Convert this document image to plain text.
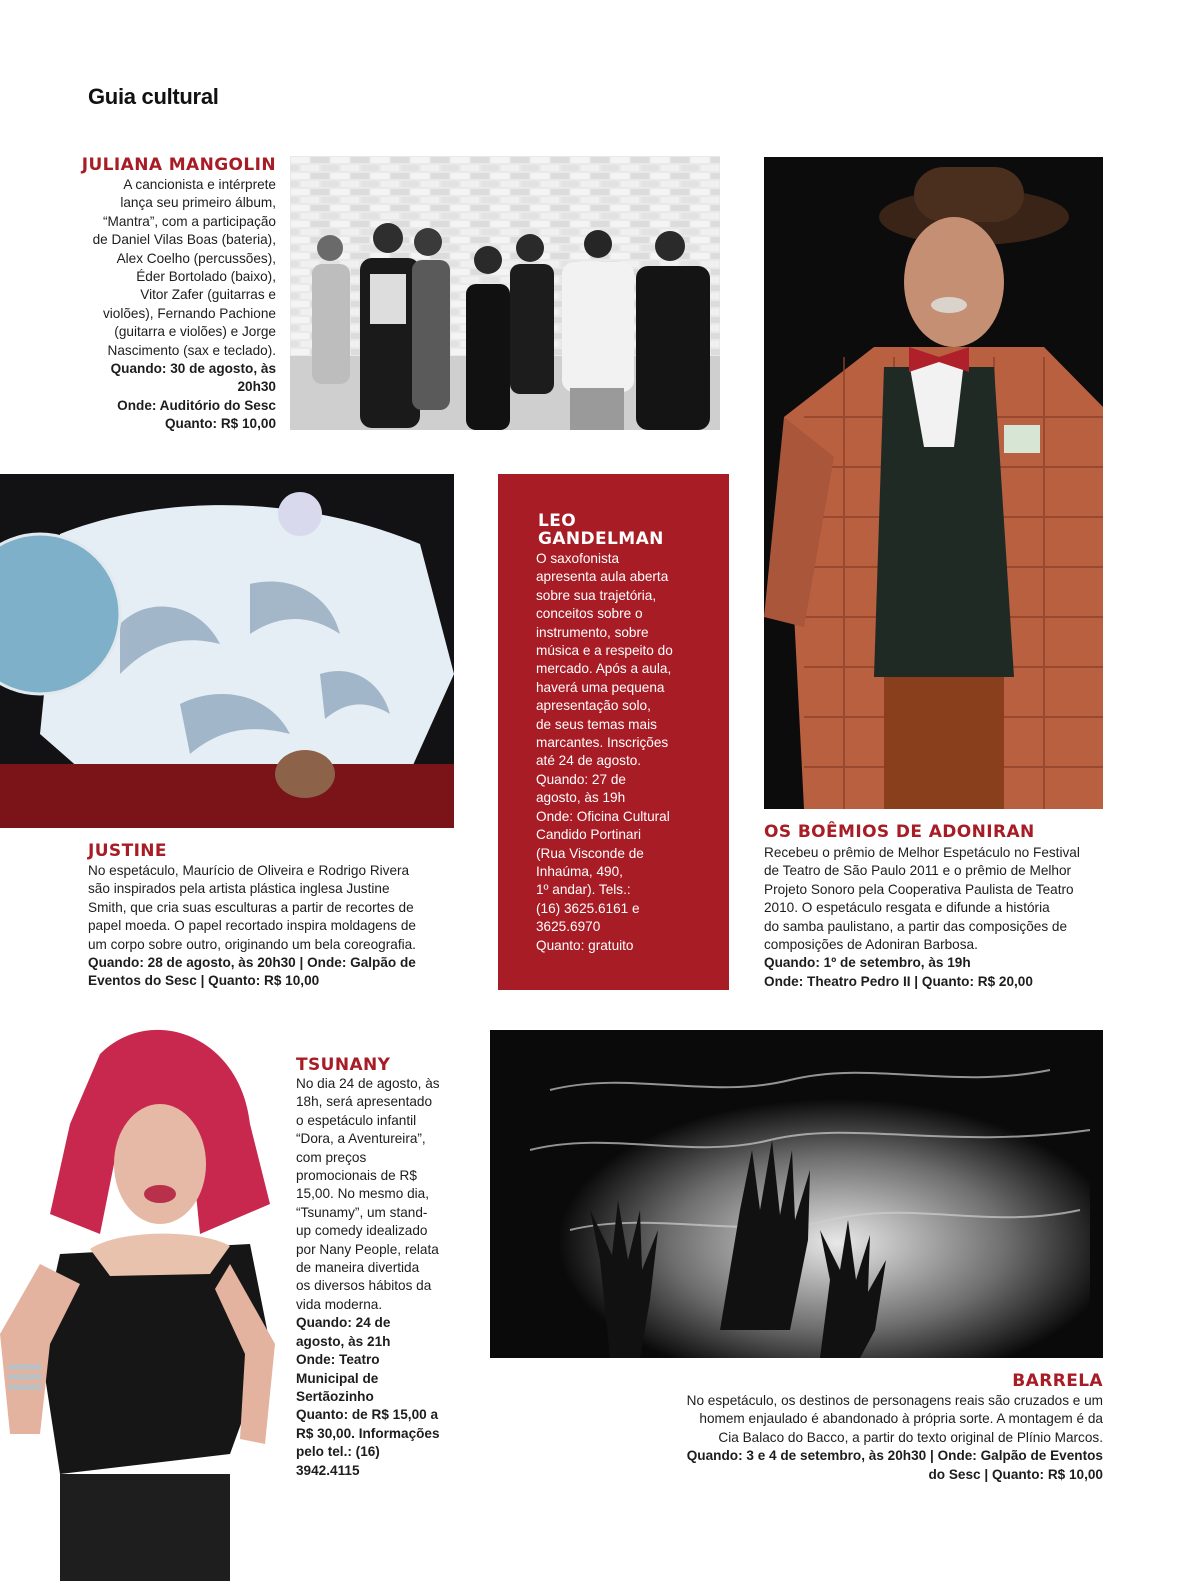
Guia cultural
JULIANA MANGOLIN
A cancionista e intérprete
lança seu primeiro álbum,
“Mantra”, com a participação
de Daniel Vilas Boas (bateria),
Alex Coelho (percussões),
Éder Bortolado (baixo),
Vitor Zafer (guitarras e
violões), Fernando Pachione
(guitarra e violões) e Jorge
Nascimento (sax e teclado).
Quando: 30 de agosto, às
20h30
Onde: Auditório do Sesc
Quanto: R$ 10,00
LEO
GANDELMAN
O saxofonista
apresenta aula aberta
sobre sua trajetória,
conceitos sobre o
instrumento, sobre
música e a respeito do
mercado. Após a aula,
haverá uma pequena
apresentação solo,
de seus temas mais
marcantes. Inscrições
até 24 de agosto.
Quando: 27 de
agosto, às 19h
Onde: Oficina Cultural
Candido Portinari
(Rua Visconde de
Inhaúma, 490,
1º andar). Tels.:
(16) 3625.6161 e
3625.6970
Quanto: gratuito
OS BOÊMIOS DE ADONIRAN
Recebeu o prêmio de Melhor Espetáculo no Festival
de Teatro de São Paulo 2011 e o prêmio de Melhor
Projeto Sonoro pela Cooperativa Paulista de Teatro
2010. O espetáculo resgata e difunde a história
do samba paulistano, a partir das composições de
composições de Adoniran Barbosa.
Quando: 1º de setembro, às 19h
Onde: Theatro Pedro II | Quanto: R$ 20,00
JUSTINE
No espetáculo, Maurício de Oliveira e Rodrigo Rivera
são inspirados pela artista plástica inglesa Justine
Smith, que cria suas esculturas a partir de recortes de
papel moeda. O papel recortado inspira moldagens de
um corpo sobre outro, originando um bela coreografia.
Quando: 28 de agosto, às 20h30 | Onde: Galpão de
Eventos do Sesc | Quanto: R$ 10,00
TSUNANY
No dia 24 de agosto, às
18h, será apresentado
o espetáculo infantil
“Dora, a Aventureira”,
com preços
promocionais de R$
15,00. No mesmo dia,
“Tsunamy”, um stand-
up comedy idealizado
por Nany People, relata
de maneira divertida
os diversos hábitos da
vida moderna.
Quando: 24 de
agosto, às 21h
Onde: Teatro
Municipal de
Sertãozinho
Quanto: de R$ 15,00 a
R$ 30,00. Informações
pelo tel.: (16)
3942.4115
BARRELA
No espetáculo, os destinos de personagens reais são cruzados e um
homem enjaulado é abandonado à própria sorte. A montagem é da
Cia Balaco do Bacco, a partir do texto original de Plínio Marcos.
Quando: 3 e 4 de setembro, às 20h30 | Onde: Galpão de Eventos
do Sesc | Quanto: R$ 10,00
